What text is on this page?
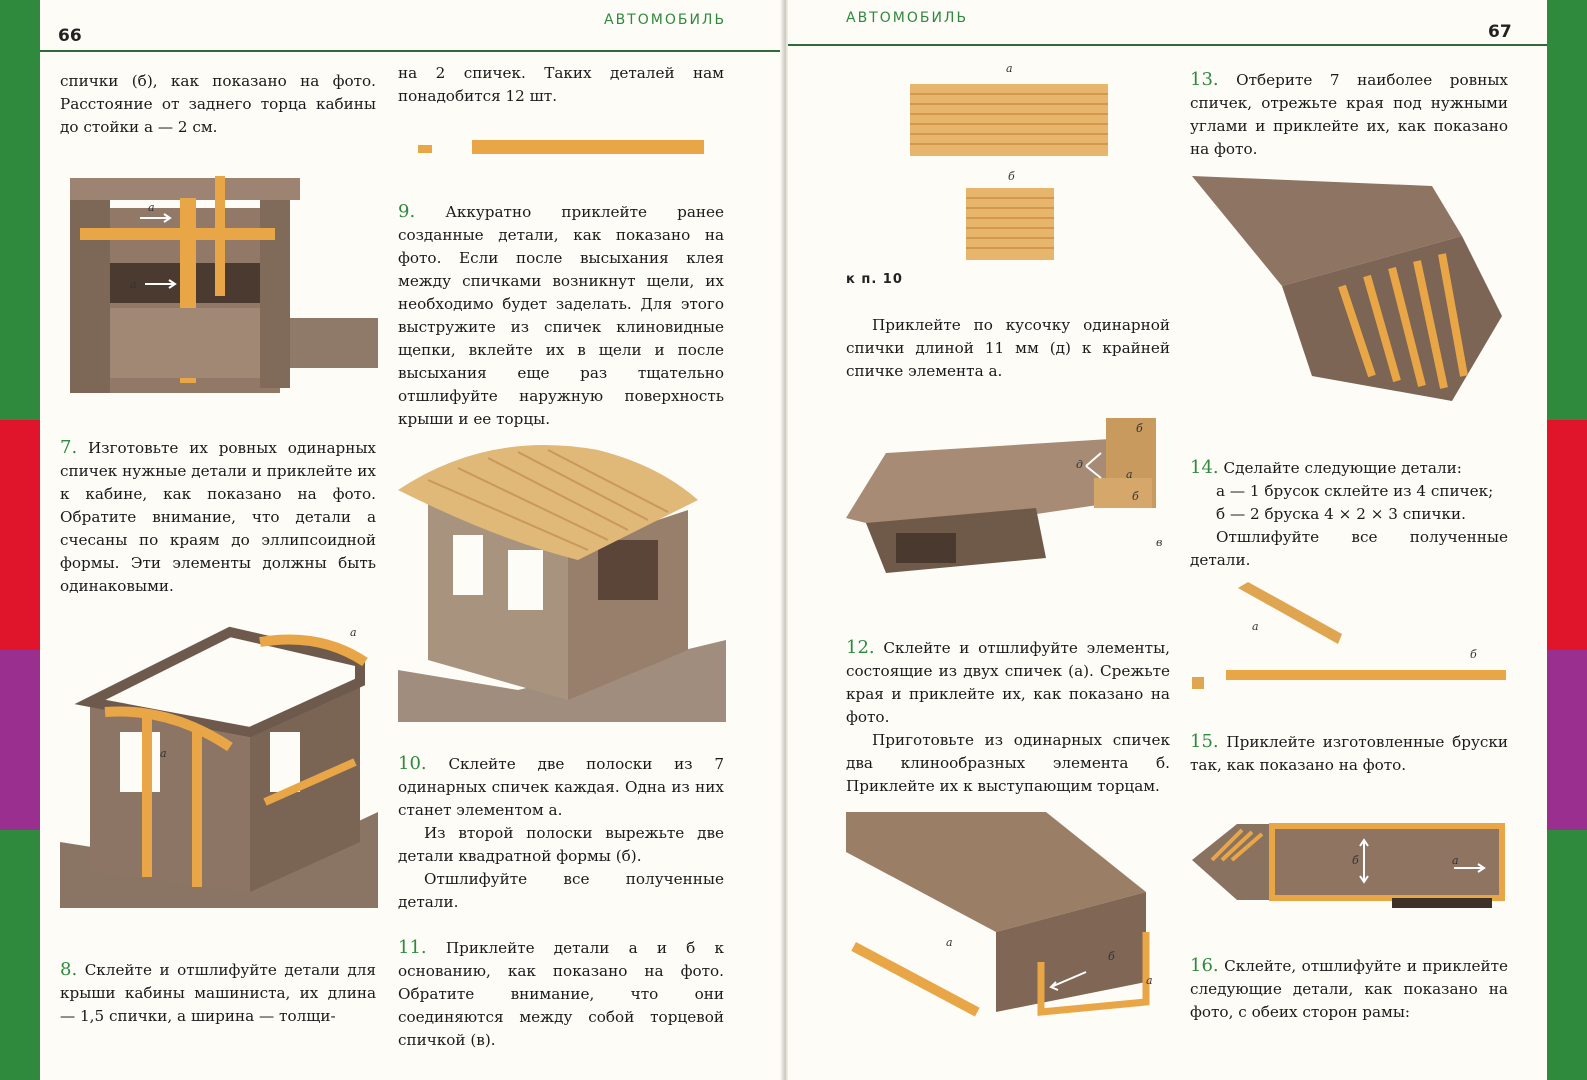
66
АВТОМОБИЛЬ

спички (б), как показано на фото. Расстояние от заднего торца кабины до стойки а — 2 см.

а
а

7. Изготовьте их ровных одинарных спичек нужные детали и приклейте их к кабине, как показано на фото. Обратите внимание, что детали а счесаны по краям до эллипсоидной формы. Эти элементы должны быть одинаковыми.

а
а

8. Склейте и отшлифуйте детали для крыши кабины машиниста, их длина — 1,5 спички, а ширина — толщи-

на 2 спичек. Таких деталей нам понадобится 12 шт.

9. Аккуратно приклейте ранее созданные детали, как показано на фото. Если после высыхания клея между спичками возникнут щели, их необходимо будет заделать. Для этого выстружите из спичек клиновидные щепки, вклейте их в щели и после высыхания еще раз тщательно отшлифуйте наружную поверхность крыши и ее торцы.

10. Склейте две полоски из 7 одинарных спичек каждая. Одна из них станет элементом а.

Из второй полоски вырежьте две детали квадратной формы (б).

Отшлифуйте все полученные детали.

11. Приклейте детали а и б к основанию, как показано на фото. Обратите внимание, что они соединяются между собой торцевой спичкой (в).

67
АВТОМОБИЛЬ
а
б
к п. 10

Приклейте по кусочку одинарной спички длиной 11 мм (д) к крайней спичке элемента а.

б
а
б
д
в

12. Склейте и отшлифуйте элементы, состоящие из двух спичек (а). Срежьте края и приклейте их, как показано на фото.

Приготовьте из одинарных спичек два клинообразных элемента б. Приклейте их к выступающим торцам.

а
б
а

13. Отберите 7 наиболее ровных спичек, отрежьте края под нужными углами и приклейте их, как показано на фото.

14. Сделайте следующие детали:

а — 1 брусок склейте из 4 спичек;

б — 2 бруска 4 × 2 × 3 спички.

Отшлифуйте все полученные детали.

а
б

15. Приклейте изготовленные бруски так, как показано на фото.

б	а

16. Склейте, отшлифуйте и приклейте следующие детали, как показано на фото, с обеих сторон рамы:
